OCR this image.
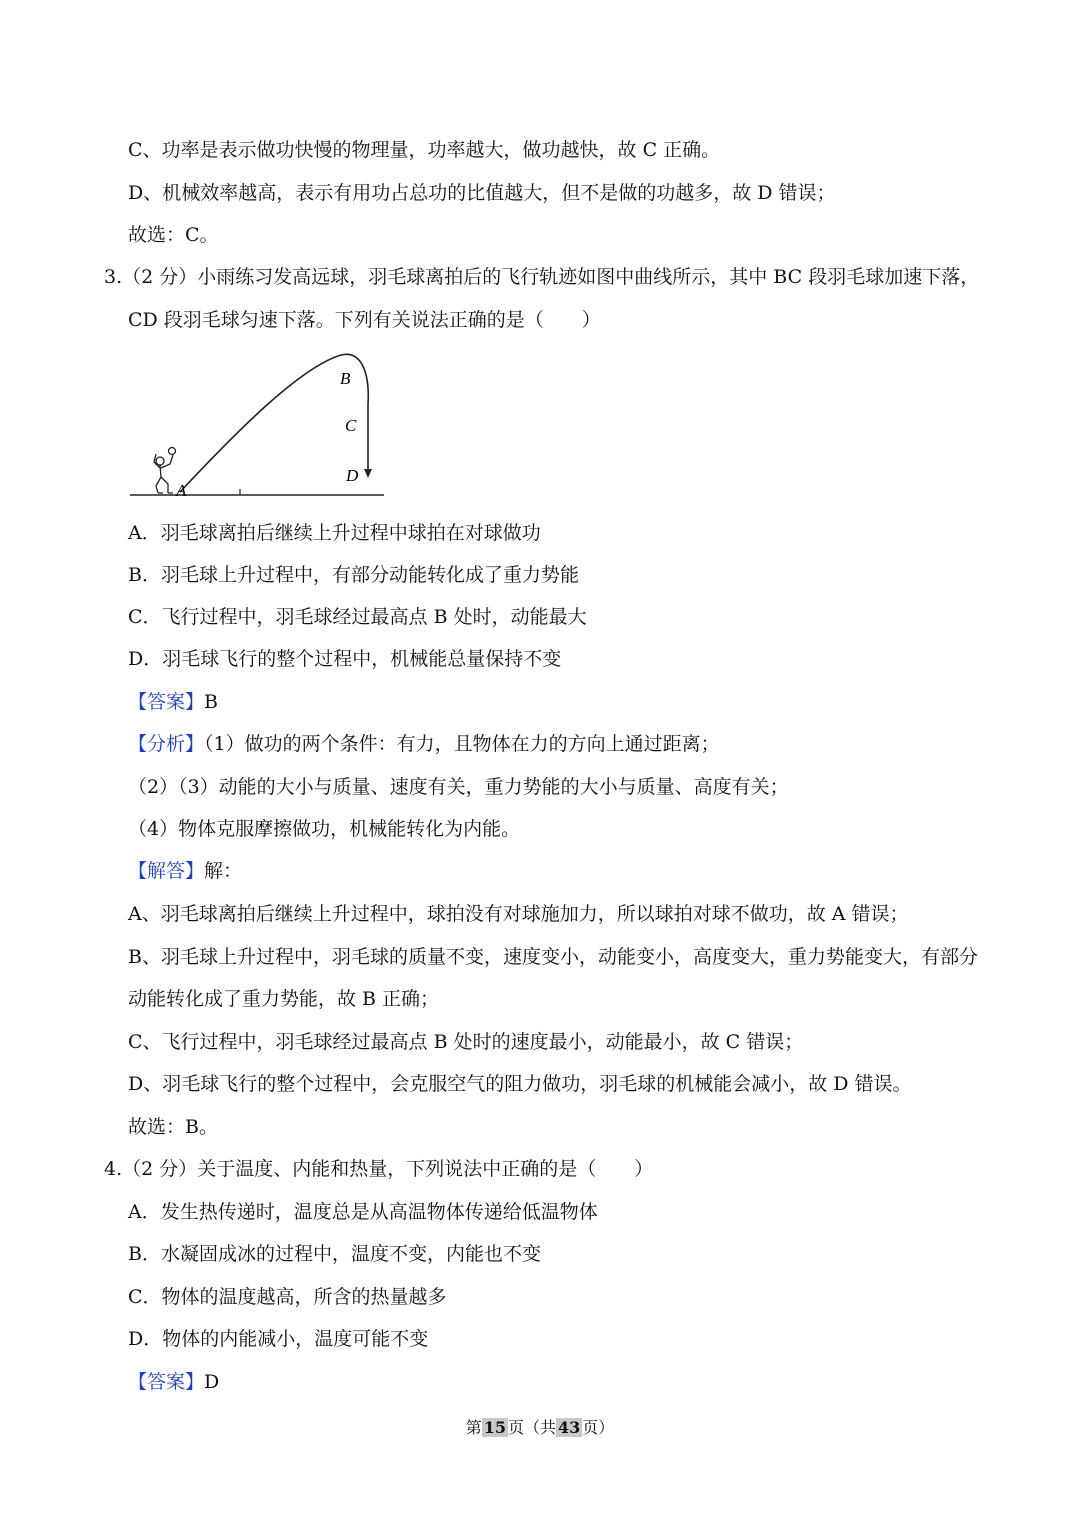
C、功率是表示做功快慢的物理量，功率越大，做功越快，故 C 正确。
D、机械效率越高，表示有用功占总功的比值越大，但不是做的功越多，故 D 错误；
故选：C。
3.（2 分）小雨练习发高远球，羽毛球离拍后的飞行轨迹如图中曲线所示，其中 BC 段羽毛球加速下落，
CD 段羽毛球匀速下落。下列有关说法正确的是（　　）
A
B
C
D
A．羽毛球离拍后继续上升过程中球拍在对球做功
B．羽毛球上升过程中，有部分动能转化成了重力势能
C．飞行过程中，羽毛球经过最高点 B 处时，动能最大
D．羽毛球飞行的整个过程中，机械能总量保持不变
【答案】B
【分析】（1）做功的两个条件：有力，且物体在力的方向上通过距离；
（2）（3）动能的大小与质量、速度有关，重力势能的大小与质量、高度有关；
（4）物体克服摩擦做功，机械能转化为内能。
【解答】解：
A、羽毛球离拍后继续上升过程中，球拍没有对球施加力，所以球拍对球不做功，故 A 错误；
B、羽毛球上升过程中，羽毛球的质量不变，速度变小，动能变小，高度变大，重力势能变大，有部分
动能转化成了重力势能，故 B 正确；
C、飞行过程中，羽毛球经过最高点 B 处时的速度最小，动能最小，故 C 错误；
D、羽毛球飞行的整个过程中，会克服空气的阻力做功，羽毛球的机械能会减小，故 D 错误。
故选：B。
4.（2 分）关于温度、内能和热量，下列说法中正确的是（　　）
A．发生热传递时，温度总是从高温物体传递给低温物体
B．水凝固成冰的过程中，温度不变，内能也不变
C．物体的温度越高，所含的热量越多
D．物体的内能减小，温度可能不变
【答案】D
第 15 页（共 43 页）
